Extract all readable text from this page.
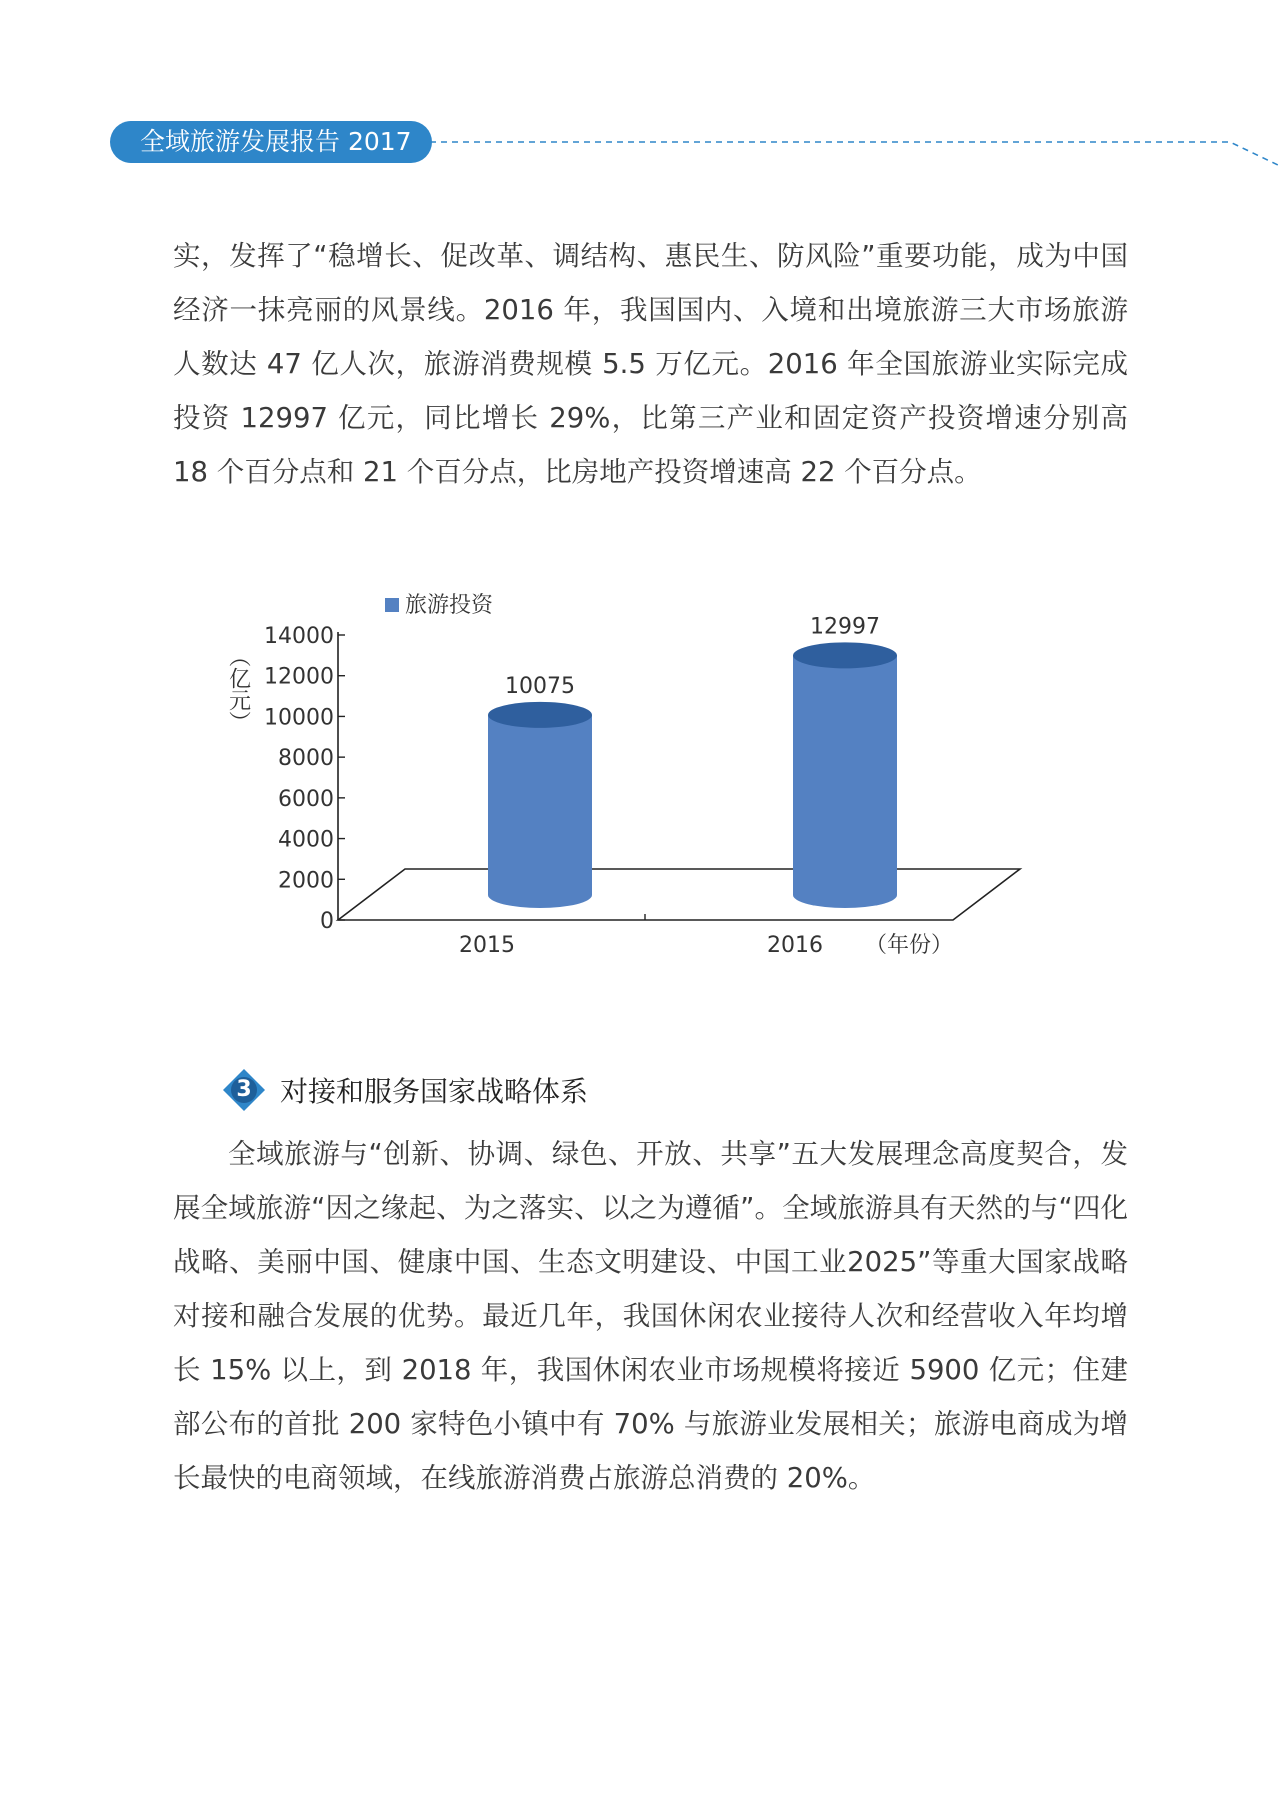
全域旅游发展报告 2017

实，发挥了“稳增长、促改革、调结构、惠民生、防风险”重要功能，成为中国经济一抹亮丽的风景线。2016 年，我国国内、入境和出境旅游三大市场旅游人数达 47 亿人次，旅游消费规模 5.5 万亿元。2016 年全国旅游业实际完成投资 12997 亿元，同比增长 29%，比第三产业和固定资产投资增速分别高 18 个百分点和 21 个百分点，比房地产投资增速高 22 个百分点。

0
2000
4000
6000
8000
10000
12000
14000
（亿元）
旅游投资
10075
2015
12997
2016 （年份）
3	对接和服务国家战略体系

全域旅游与“创新、协调、绿色、开放、共享”五大发展理念高度契合，发展全域旅游“因之缘起、为之落实、以之为遵循”。全域旅游具有天然的与“四化战略、美丽中国、健康中国、生态文明建设、中国工业2025”等重大国家战略对接和融合发展的优势。最近几年，我国休闲农业接待人次和经营收入年均增长 15% 以上，到 2018 年，我国休闲农业市场规模将接近 5900 亿元；住建部公布的首批 200 家特色小镇中有 70% 与旅游业发展相关；旅游电商成为增长最快的电商领域，在线旅游消费占旅游总消费的 20%。
